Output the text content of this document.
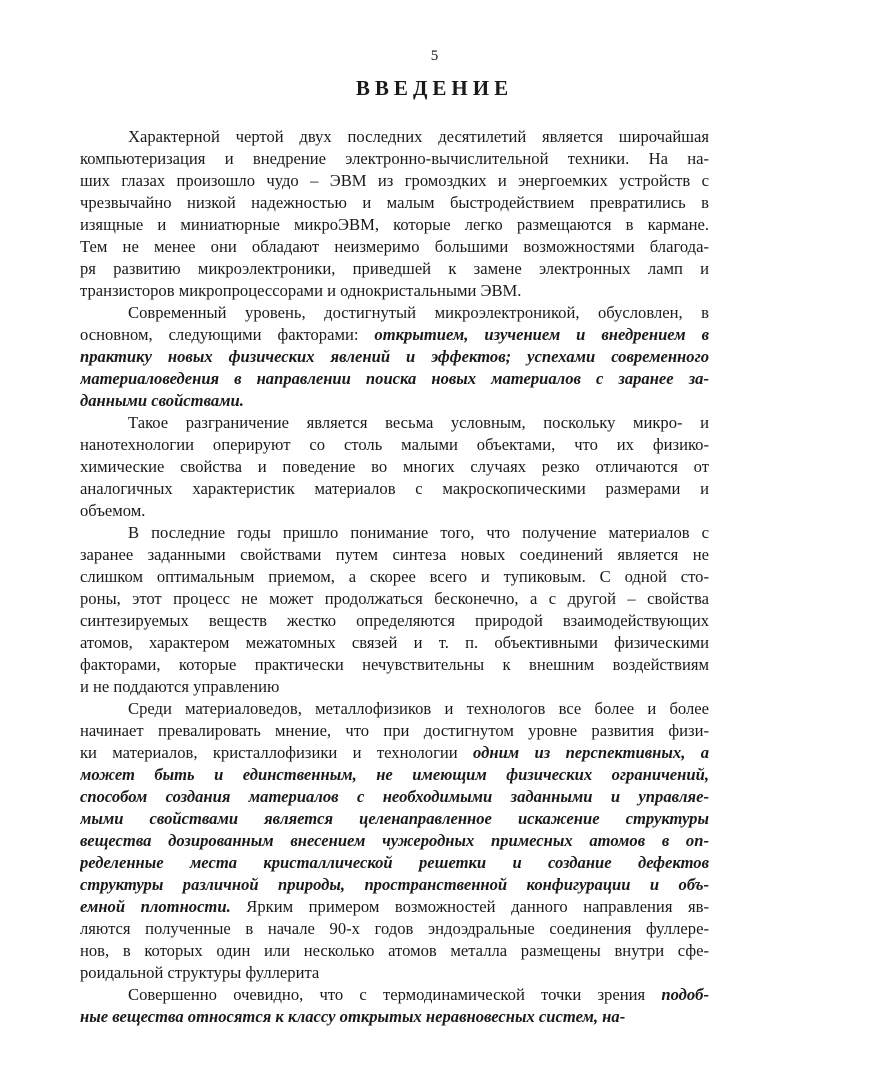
5
ВВЕДЕНИЕ
Характерной чертой двух последних десятилетий является широчайшая
компьютеризация и внедрение электронно-вычислительной техники. На на-
ших глазах произошло чудо – ЭВМ из громоздких и энергоемких устройств с
чрезвычайно низкой надежностью и малым быстродействием превратились в
изящные и миниатюрные микроЭВМ, которые легко размещаются в кармане.
Тем не менее они обладают неизмеримо большими возможностями благода-
ря развитию микроэлектроники, приведшей к замене электронных ламп и
транзисторов микропроцессорами и однокристальными ЭВМ.
Современный уровень, достигнутый микроэлектроникой, обусловлен, в
основном, следующими факторами: открытием, изучением и внедрением в
практику новых физических явлений и эффектов; успехами современного
материаловедения в направлении поиска новых материалов с заранее за-
данными свойствами.
Такое разграничение является весьма условным, поскольку микро- и
нанотехнологии оперируют со столь малыми объектами, что их физико-
химические свойства и поведение во многих случаях резко отличаются от
аналогичных характеристик материалов с макроскопическими размерами и
объемом.
В последние годы пришло понимание того, что получение материалов с
заранее заданными свойствами путем синтеза новых соединений является не
слишком оптимальным приемом, а скорее всего и тупиковым. С одной сто-
роны, этот процесс не может продолжаться бесконечно, а с другой – свойства
синтезируемых веществ жестко определяются природой взаимодействующих
атомов, характером межатомных связей и т. п. объективными физическими
факторами, которые практически нечувствительны к внешним воздействиям
и не поддаются управлению
Среди материаловедов, металлофизиков и технологов все более и более
начинает превалировать мнение, что при достигнутом уровне развития физи-
ки материалов, кристаллофизики и технологии одним из перспективных, а
может быть и единственным, не имеющим физических ограничений,
способом создания материалов с необходимыми заданными и управляе-
мыми свойствами является целенаправленное искажение структуры
вещества дозированным внесением чужеродных примесных атомов в оп-
ределенные места кристаллической решетки и создание дефектов
структуры различной природы, пространственной конфигурации и объ-
емной плотности. Ярким примером возможностей данного направления яв-
ляются полученные в начале 90-х годов эндоэдральные соединения фуллере-
нов, в которых один или несколько атомов металла размещены внутри сфе-
роидальной структуры фуллерита
Совершенно очевидно, что с термодинамической точки зрения подоб-
ные вещества относятся к классу открытых неравновесных систем, на-
